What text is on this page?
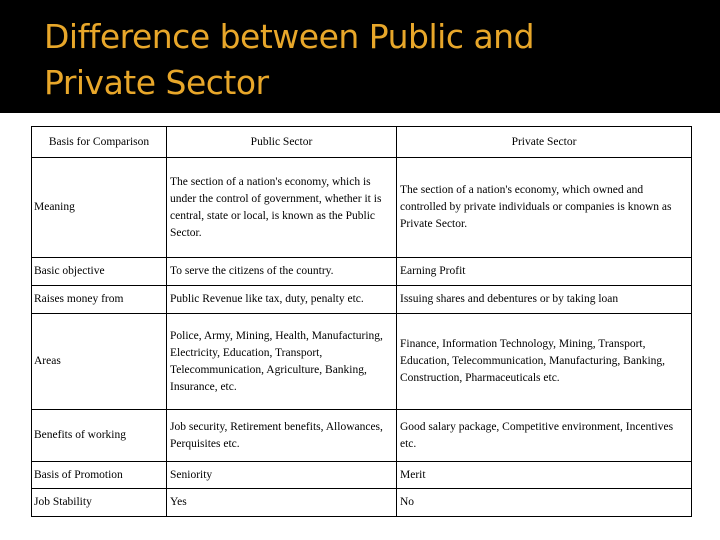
Difference between Public and
Private Sector
Basis for Comparison	Public Sector	Private Sector
Meaning	The section of a nation's economy, which is under the control of government, whether it is central, state or local, is known as the Public Sector.	The section of a nation's economy, which owned and controlled by private individuals or companies is known as Private Sector.
Basic objective	To serve the citizens of the country.	Earning Profit
Raises money from	Public Revenue like tax, duty, penalty etc.	Issuing shares and debentures or by taking loan
Areas	Police, Army, Mining, Health, Manufacturing, Electricity, Education, Transport, Telecommunication, Agriculture, Banking, Insurance, etc.	Finance, Information Technology, Mining, Transport, Education, Telecommunication, Manufacturing, Banking, Construction, Pharmaceuticals etc.
Benefits of working	Job security, Retirement benefits, Allowances, Perquisites etc.	Good salary package, Competitive environment, Incentives etc.
Basis of Promotion	Seniority	Merit
Job Stability	Yes	No
